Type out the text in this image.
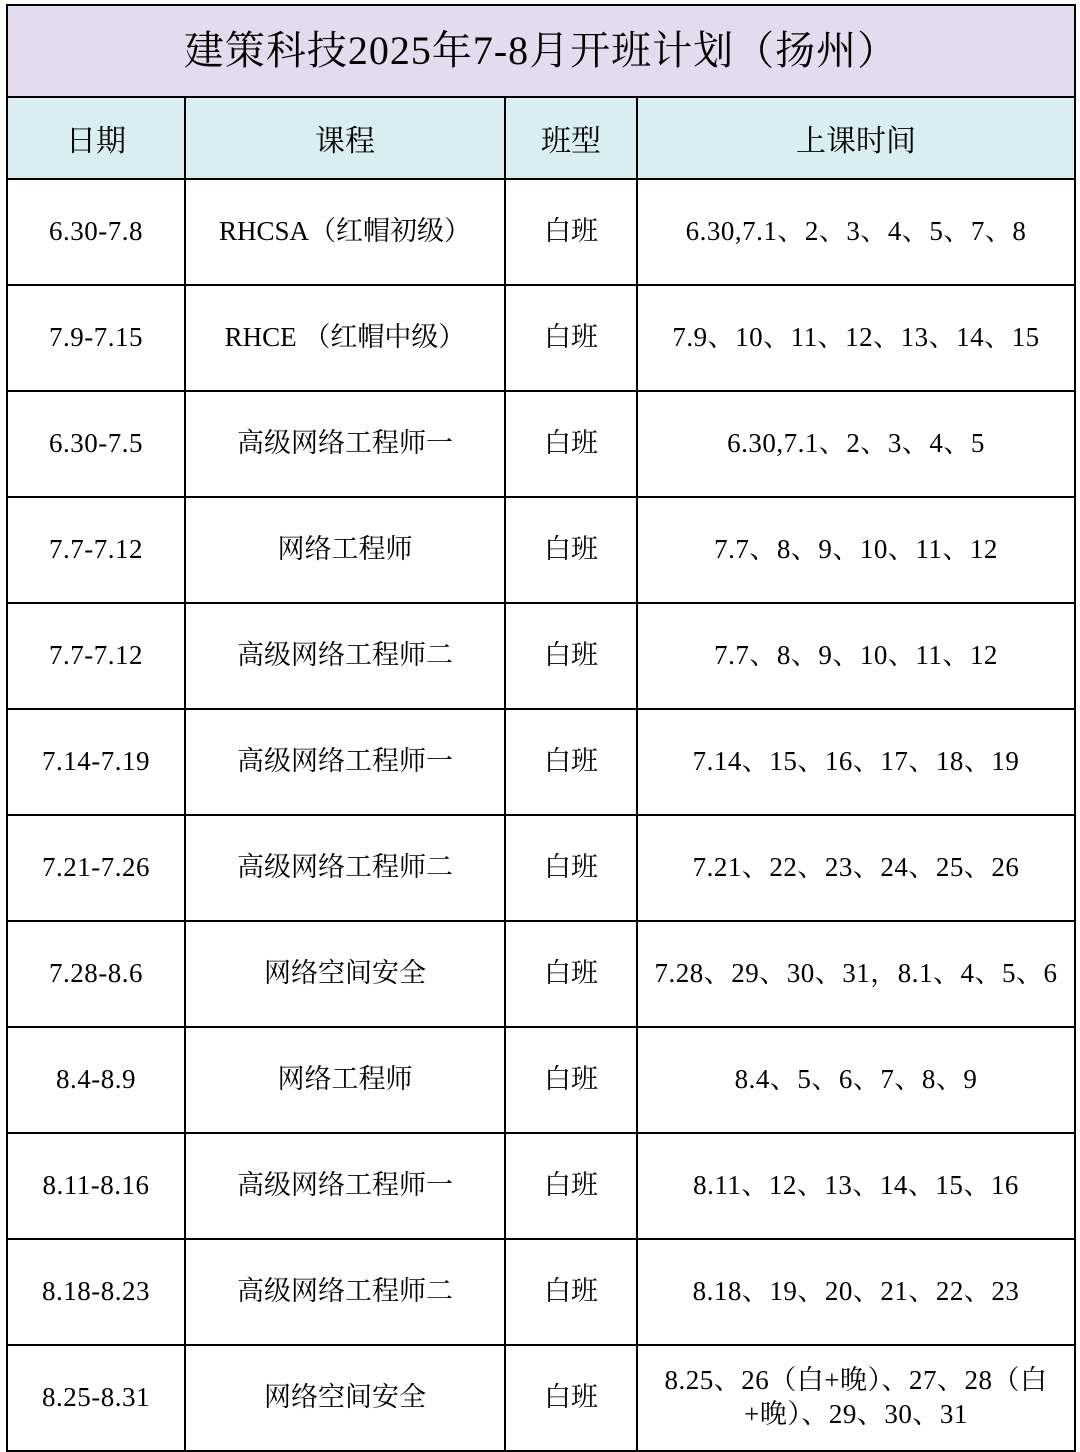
建策科技2025年7-8月开班计划（扬州）			
日期	课程	班型	上课时间
6.30-7.8	RHCSA（红帽初级）	白班	6.30,7.1、2、3、4、5、7、8
7.9-7.15	RHCE （红帽中级）	白班	7.9、10、11、12、13、14、15
6.30-7.5	高级网络工程师一	白班	6.30,7.1、2、3、4、5
7.7-7.12	网络工程师	白班	7.7、8、9、10、11、12
7.7-7.12	高级网络工程师二	白班	7.7、8、9、10、11、12
7.14-7.19	高级网络工程师一	白班	7.14、15、16、17、18、19
7.21-7.26	高级网络工程师二	白班	7.21、22、23、24、25、26
7.28-8.6	网络空间安全	白班	7.28、29、30、31，8.1、4、5、6
8.4-8.9	网络工程师	白班	8.4、5、6、7、8、9
8.11-8.16	高级网络工程师一	白班	8.11、12、13、14、15、16
8.18-8.23	高级网络工程师二	白班	8.18、19、20、21、22、23
8.25-8.31	网络空间安全	白班	8.25、26（白+晚）、27、28（白+晚）、29、30、31
